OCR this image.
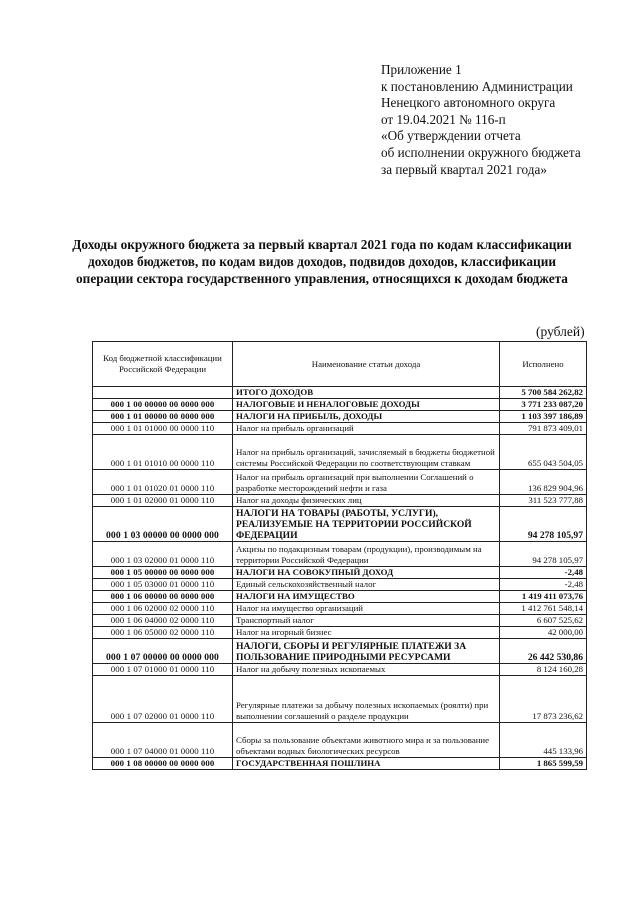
Приложение 1
к постановлению Администрации
Ненецкого автономного округа
от 19.04.2021 № 116-п
«Об утверждении отчета
об исполнении окружного бюджета
за первый квартал 2021 года»
Доходы окружного бюджета за первый квартал 2021 года по кодам классификации доходов бюджетов, по кодам видов доходов, подвидов доходов, классификации операции сектора государственного управления, относящихся к доходам бюджета
(рублей)
Код бюджетной классификации Российской Федерации	Наименование статьи дохода	Исполнено
	ИТОГО ДОХОДОВ	5 700 584 262,82
000 1 00 00000 00 0000 000	НАЛОГОВЫЕ И НЕНАЛОГОВЫЕ ДОХОДЫ	3 771 233 087,20
000 1 01 00000 00 0000 000	НАЛОГИ НА ПРИБЫЛЬ, ДОХОДЫ	1 103 397 186,89
000 1 01 01000 00 0000 110	Налог на прибыль организаций	791 873 409,01
000 1 01 01010 00 0000 110	Налог на прибыль организаций, зачисляемый в бюджеты бюджетной системы Российской Федерации по соответствующим ставкам	655 043 504,05
000 1 01 01020 01 0000 110	Налог на прибыль организаций при выполнении Соглашений о разработке месторождений нефти и газа	136 829 904,96
000 1 01 02000 01 0000 110	Налог на доходы физических лиц	311 523 777,88
000 1 03 00000 00 0000 000	НАЛОГИ НА ТОВАРЫ (РАБОТЫ, УСЛУГИ), РЕАЛИЗУЕМЫЕ НА ТЕРРИТОРИИ РОССИЙСКОЙ ФЕДЕРАЦИИ	94 278 105,97
000 1 03 02000 01 0000 110	Акцизы по подакцизным товарам (продукции), производимым на территории Российской Федерации	94 278 105,97
000 1 05 00000 00 0000 000	НАЛОГИ НА СОВОКУПНЫЙ ДОХОД	-2,48
000 1 05 03000 01 0000 110	Единый сельскохозяйственный налог	-2,48
000 1 06 00000 00 0000 000	НАЛОГИ НА ИМУЩЕСТВО	1 419 411 073,76
000 1 06 02000 02 0000 110	Налог на имущество организаций	1 412 761 548,14
000 1 06 04000 02 0000 110	Транспортный налог	6 607 525,62
000 1 06 05000 02 0000 110	Налог на игорный бизнес	42 000,00
000 1 07 00000 00 0000 000	НАЛОГИ, СБОРЫ И РЕГУЛЯРНЫЕ ПЛАТЕЖИ ЗА ПОЛЬЗОВАНИЕ ПРИРОДНЫМИ РЕСУРСАМИ	26 442 530,86
000 1 07 01000 01 0000 110	Налог на добычу полезных ископаемых	8 124 160,28
000 1 07 02000 01 0000 110	Регулярные платежи за добычу полезных ископаемых (роялти) при выполнении соглашений о разделе продукции	17 873 236,62
000 1 07 04000 01 0000 110	Сборы за пользование объектами животного мира и за пользование объектами водных биологических ресурсов	445 133,96
000 1 08 00000 00 0000 000	ГОСУДАРСТВЕННАЯ ПОШЛИНА	1 865 599,59
